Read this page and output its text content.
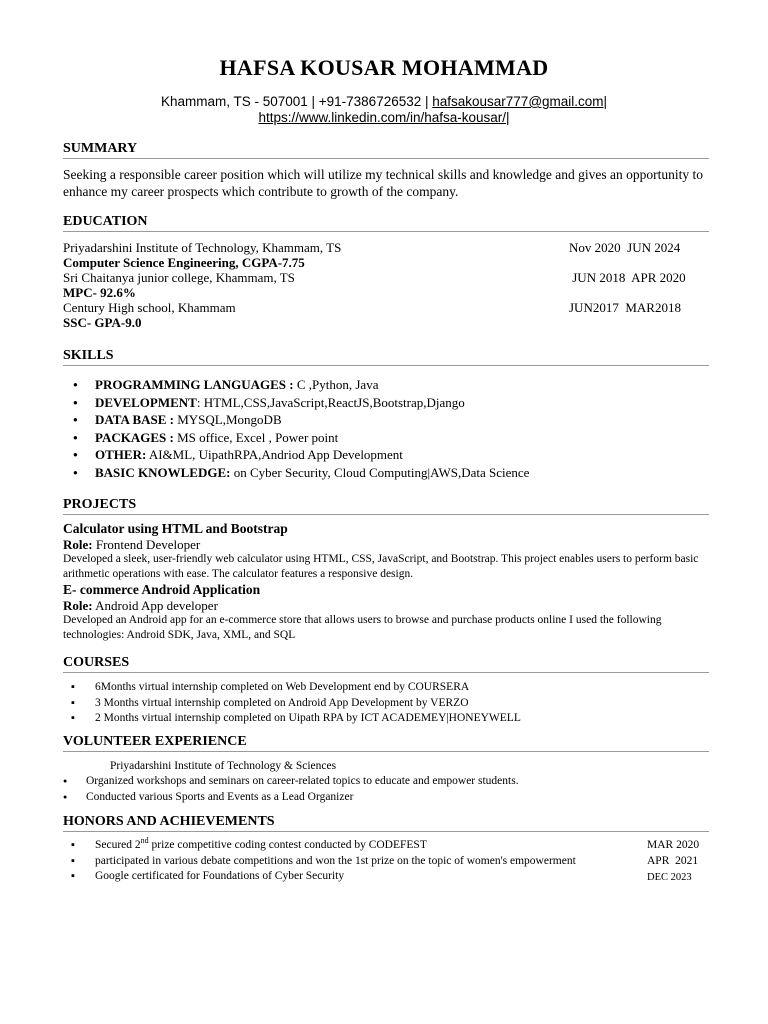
HAFSA KOUSAR MOHAMMAD
Khammam, TS - 507001 | +91-7386726532 | hafsakousar777@gmail.com|
https://www.linkedin.com/in/hafsa-kousar/|
SUMMARY
Seeking a responsible career position which will utilize my technical skills and knowledge and gives an opportunity to enhance my career prospects which contribute to growth of the company.
EDUCATION
Priyadarshini Institute of Technology, Khammam, TS	Nov 2020  JUN 2024
Computer Science Engineering, CGPA-7.75
Sri Chaitanya junior college, Khammam, TS	JUN 2018  APR 2020
MPC- 92.6%
Century High school, Khammam	JUN2017  MAR2018
SSC- GPA-9.0
SKILLS
● PROGRAMMING LANGUAGES : C ,Python, Java
● DEVELOPMENT: HTML,CSS,JavaScript,ReactJS,Bootstrap,Django
● DATA BASE : MYSQL,MongoDB
● PACKAGES : MS office, Excel , Power point
● OTHER: AI&ML, UipathRPA,Andriod App Development
● BASIC KNOWLEDGE: on Cyber Security, Cloud Computing|AWS,Data Science
PROJECTS
Calculator using HTML and Bootstrap
Role: Frontend Developer
Developed a sleek, user-friendly web calculator using HTML, CSS, JavaScript, and Bootstrap. This project enables users to perform basic arithmetic operations with ease. The calculator features a responsive design.
E- commerce Android Application
Role: Android App developer
Developed an Android app for an e-commerce store that allows users to browse and purchase products online I used the following technologies: Android SDK, Java, XML, and SQL
COURSES
▪ 6Months virtual internship completed on Web Development end by COURSERA
▪ 3 Months virtual internship completed on Android App Development by VERZO
▪ 2 Months virtual internship completed on Uipath RPA by ICT ACADEMEY|HONEYWELL
VOLUNTEER EXPERIENCE
Priyadarshini Institute of Technology & Sciences
● Organized workshops and seminars on career-related topics to educate and empower students.
● Conducted various Sports and Events as a Lead Organizer
HONORS AND ACHIEVEMENTS
▪ Secured 2nd prize competitive coding contest conducted by CODEFEST	MAR 2020
▪ participated in various debate competitions and won the 1st prize on the topic of women's empowerment	APR  2021
▪ Google certificated for Foundations of Cyber Security	DEC 2023
